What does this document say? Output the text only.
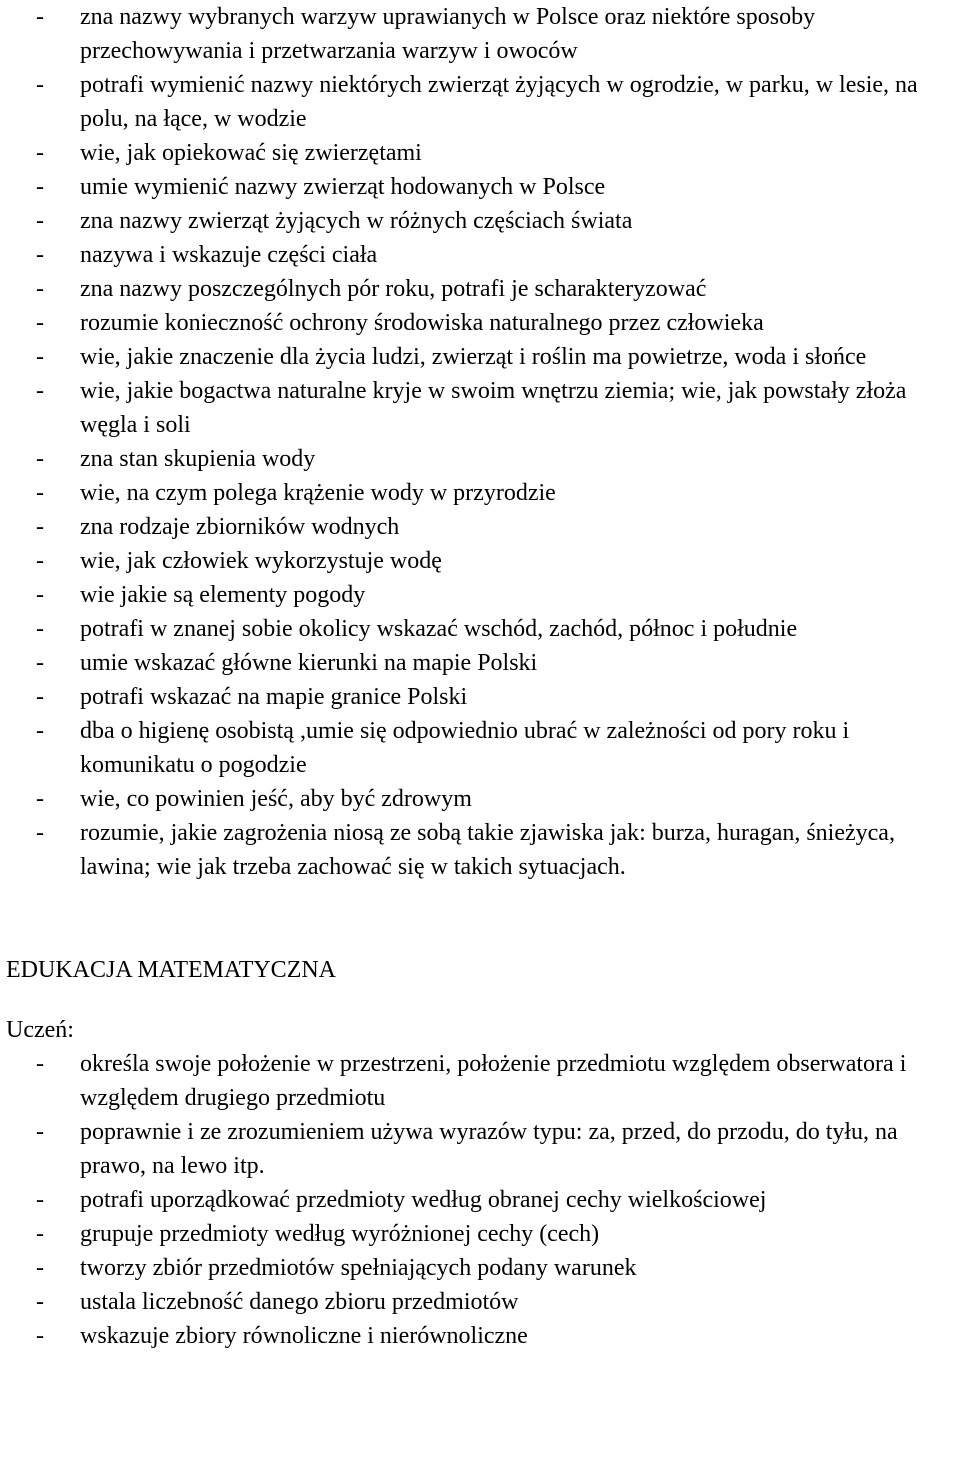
- zna nazwy wybranych warzyw uprawianych w Polsce oraz niektóre sposoby przechowywania i przetwarzania warzyw i owoców
- potrafi wymienić nazwy niektórych zwierząt żyjących w ogrodzie, w parku, w lesie, na polu, na łące, w wodzie
- wie, jak opiekować się zwierzętami
- umie wymienić nazwy zwierząt hodowanych w Polsce
- zna nazwy zwierząt żyjących w różnych częściach świata
- nazywa i wskazuje części ciała
- zna nazwy poszczególnych pór roku, potrafi je scharakteryzować
- rozumie konieczność ochrony środowiska naturalnego przez człowieka
- wie, jakie znaczenie dla życia ludzi, zwierząt i roślin ma powietrze, woda i słońce
- wie, jakie bogactwa naturalne kryje w swoim wnętrzu ziemia; wie, jak powstały złoża węgla i soli
- zna stan skupienia wody
- wie, na czym polega krążenie wody w przyrodzie
- zna rodzaje zbiorników wodnych
- wie, jak człowiek wykorzystuje wodę
- wie jakie są elementy pogody
- potrafi w znanej sobie okolicy wskazać wschód, zachód, północ i południe
- umie wskazać główne kierunki na mapie Polski
- potrafi wskazać na mapie granice Polski
- dba o higienę osobistą ,umie się odpowiednio ubrać w zależności od pory roku i komunikatu o pogodzie
- wie, co powinien jeść, aby być zdrowym
- rozumie, jakie zagrożenia niosą ze sobą takie zjawiska jak: burza, huragan, śnieżyca, lawina; wie jak trzeba zachować się w takich sytuacjach.
EDUKACJA MATEMATYCZNA

Uczeń:

- określa swoje położenie w przestrzeni, położenie przedmiotu względem obserwatora i względem drugiego przedmiotu
- poprawnie i ze zrozumieniem używa wyrazów typu: za, przed, do przodu, do tyłu, na prawo, na lewo itp.
- potrafi uporządkować przedmioty według obranej cechy wielkościowej
- grupuje przedmioty według wyróżnionej cechy (cech)
- tworzy zbiór przedmiotów spełniających podany warunek
- ustala liczebność danego zbioru przedmiotów
- wskazuje zbiory równoliczne i nierównoliczne
